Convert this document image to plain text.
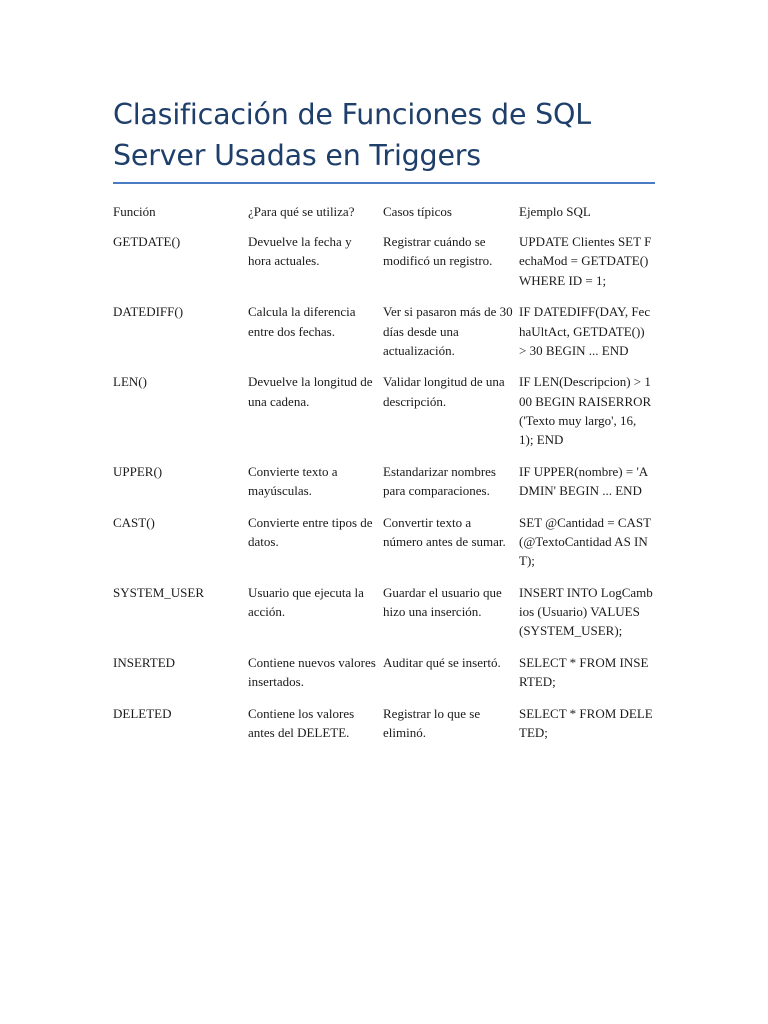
Clasificación de Funciones de SQL
Server Usadas en Triggers
Función	¿Para qué se utiliza?	Casos típicos	Ejemplo SQL
GETDATE()	Devuelve la fecha y hora actuales.	Registrar cuándo se modificó un registro.	UPDATE Clientes SET FechaMod = GETDATE() WHERE ID = 1;
DATEDIFF()	Calcula la diferencia entre dos fechas.	Ver si pasaron más de 30 días desde una actualización.	IF DATEDIFF(DAY, FechaUltAct, GETDATE()) > 30 BEGIN ... END
LEN()	Devuelve la longitud de una cadena.	Validar longitud de una descripción.	IF LEN(Descripcion) > 100 BEGIN RAISERROR('Texto muy largo', 16, 1); END
UPPER()	Convierte texto a mayúsculas.	Estandarizar nombres para comparaciones.	IF UPPER(nombre) = 'ADMIN' BEGIN ... END
CAST()	Convierte entre tipos de datos.	Convertir texto a número antes de sumar.	SET @Cantidad = CAST(@TextoCantidad AS INT);
SYSTEM_USER	Usuario que ejecuta la acción.	Guardar el usuario que hizo una inserción.	INSERT INTO LogCambios (Usuario) VALUES (SYSTEM_USER);
INSERTED	Contiene nuevos valores insertados.	Auditar qué se insertó.	SELECT * FROM INSERTED;
DELETED	Contiene los valores antes del DELETE.	Registrar lo que se eliminó.	SELECT * FROM DELETED;
